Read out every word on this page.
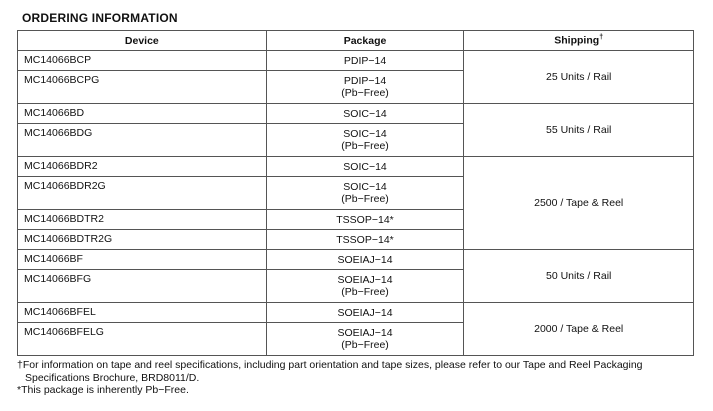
ORDERING INFORMATION
Device	Package	Shipping†
MC14066BCP	PDIP−14	25 Units / Rail
MC14066BCPG	PDIP−14
(Pb−Free)	

MC14066BD	SOIC−14	55 Units / Rail
MC14066BDG	SOIC−14
(Pb−Free)	

MC14066BDR2	SOIC−14	2500 / Tape & Reel
MC14066BDR2G	SOIC−14
(Pb−Free)	

MC14066BDTR2	TSSOP−14*	

MC14066BDTR2G	TSSOP−14*	

MC14066BF	SOEIAJ−14	50 Units / Rail
MC14066BFG	SOEIAJ−14
(Pb−Free)	

MC14066BFEL	SOEIAJ−14	2000 / Tape & Reel
MC14066BFELG	SOEIAJ−14
(Pb−Free)	
†For information on tape and reel specifications, including part orientation and tape sizes, please refer to our Tape and Reel Packaging
Specifications Brochure, BRD8011/D.
*This package is inherently Pb−Free.
